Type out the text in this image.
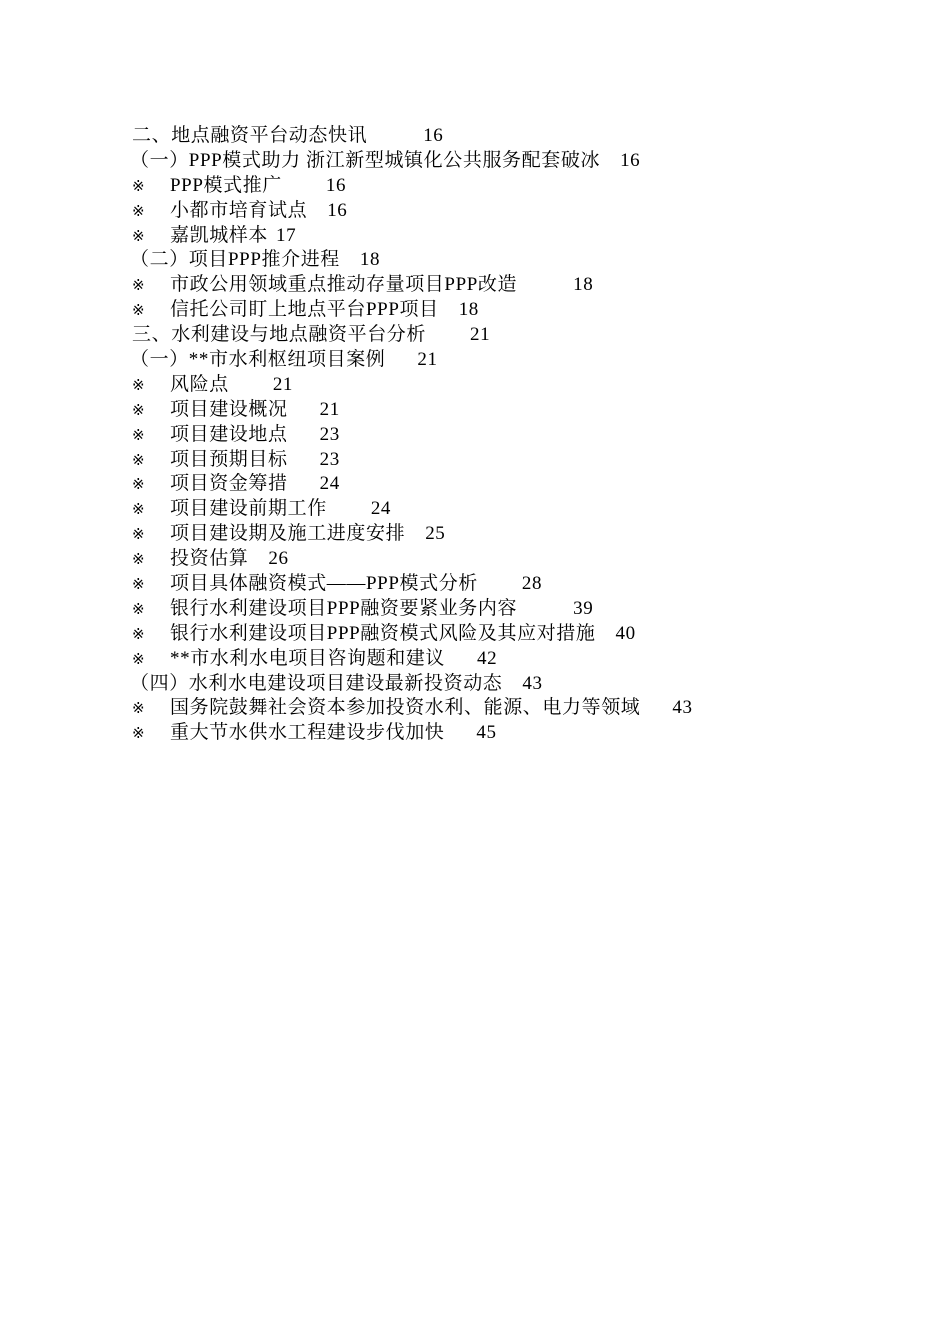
二、地点融资平台动态快讯	16
（一）PPP模式助力 浙江新型城镇化公共服务配套破冰 16
※ PPP模式推广 16
※ 小都市培育试点 16
※ 嘉凯城样本 17
（二）项目PPP推介进程 18
※ 市政公用领域重点推动存量项目PPP改造	18
※ 信托公司盯上地点平台PPP项目 18
三、水利建设与地点融资平台分析 21
（一）**市水利枢纽项目案例 21
※ 风险点 21
※ 项目建设概况 21
※ 项目建设地点 23
※ 项目预期目标 23
※ 项目资金筹措 24
※ 项目建设前期工作 24
※ 项目建设期及施工进度安排 25
※ 投资估算 26
※ 项目具体融资模式——PPP模式分析 28
※ 银行水利建设项目PPP融资要紧业务内容	39
※ 银行水利建设项目PPP融资模式风险及其应对措施 40
※ **市水利水电项目咨询题和建议 42
（四）水利水电建设项目建设最新投资动态 43
※ 国务院鼓舞社会资本参加投资水利、能源、电力等领域 43
※ 重大节水供水工程建设步伐加快 45
